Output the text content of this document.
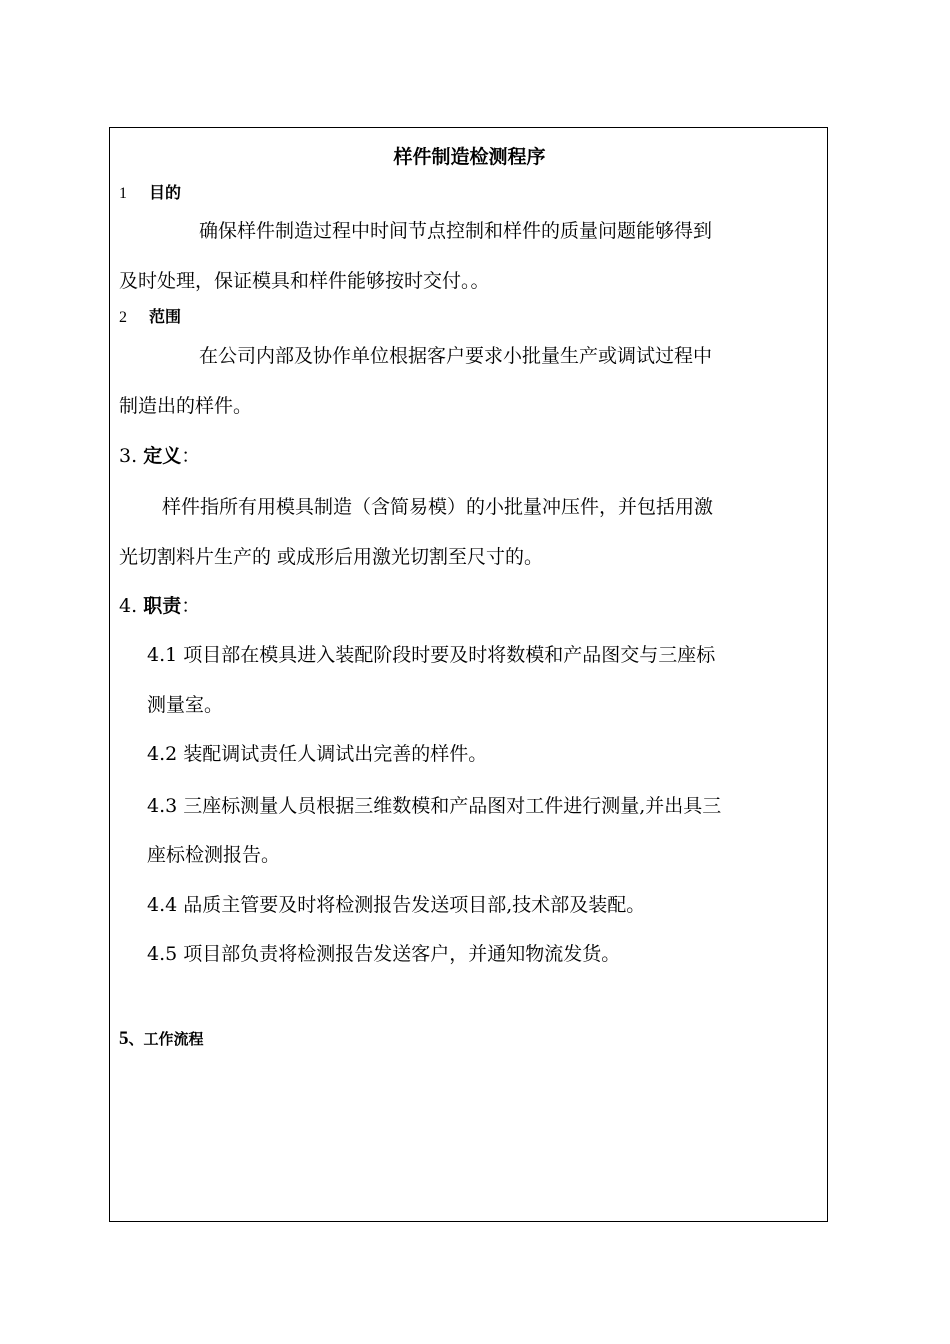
样件制造检测程序
1 目的
确保样件制造过程中时间节点控制和样件的质量问题能够得到
及时处理，保证模具和样件能够按时交付。。
2 范围
在公司内部及协作单位根据客户要求小批量生产或调试过程中
制造出的样件。
3. 定义：
样件指所有用模具制造（含简易模）的小批量冲压件，并包括用激
光切割料片生产的 或成形后用激光切割至尺寸的。
4. 职责：
4.1 项目部在模具进入装配阶段时要及时将数模和产品图交与三座标
测量室。
4.2 装配调试责任人调试出完善的样件。
4.3 三座标测量人员根据三维数模和产品图对工件进行测量,并出具三
座标检测报告。
4.4 品质主管要及时将检测报告发送项目部,技术部及装配。
4.5 项目部负责将检测报告发送客户，并通知物流发货。
5、工作流程
